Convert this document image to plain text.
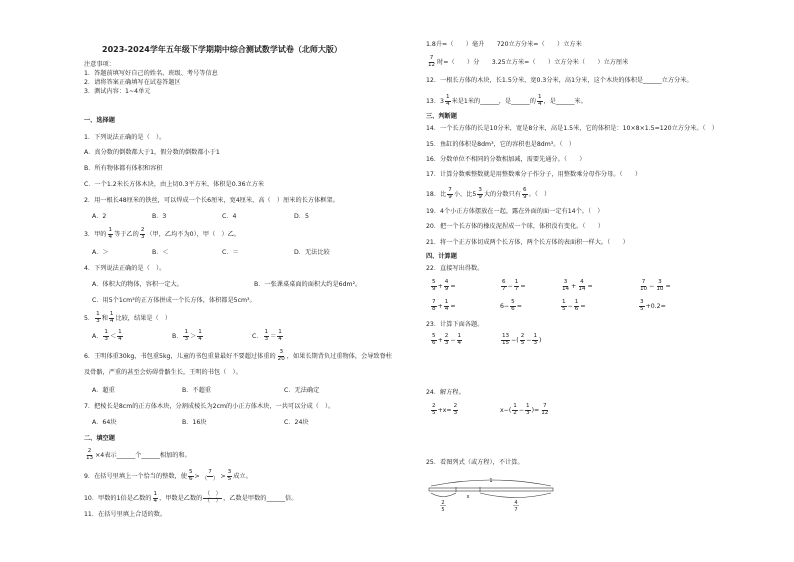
2023-2024学年五年级下学期期中综合测试数学试卷（北师大版）
注意事项：
1．答题前填写好自己的姓名、班级、考号等信息
2．请将答案正确填写在试卷答题区
3．测试内容：1~4单元
一、选择题
1．下列说法正确的是（　）。
A．真分数的倒数都大于1，假分数的倒数都小于1
B．所有物体都有体积和容积
C．一个1.2米长方体木块，由上切0.3平方米，体积是0.36立方米
2．用一根长48厘米的铁丝，可以焊成一个长6厘米，宽4厘米，高（　）厘米的长方体框架。
A．2	B．3	C．4	D．5
3．甲的 $\frac{1}{4}$ 等于乙的 $\frac{2}{3}$ （甲，乙均不为0），甲（　）乙。
A．＞	B．＜	C．＝	D．无法比较
4．下列说法正确的是（　）。
A．体积大的物体，容积一定大。	B．一张课桌桌面的面积大约是6dm²。
C．用5个1cm³的正方体拼成一个长方体，体积都是5cm³。
5． $\frac{1}{3}$ 和 $\frac{1}{4}$ 比较，结果是（　）
A． $\frac{1}{3} < \frac{1}{4}$	B． $\frac{1}{3} > \frac{1}{4}$	C． $\frac{1}{3} = \frac{1}{4}$
6．王明体重30kg，书包重5kg，儿童的书包重量最好不要超过体重的 $\frac{3}{20}$ ，如果长期背负过重物体，会导致脊柱
及骨骼，严重的甚至会妨碍骨骼生长，王明的书包（　）。
A．超重	B．不超重	C．无法确定
7．把棱长是8cm的正方体木块，分割成棱长为2cm的小正方体木块，一共可以分成（　）。
A．64块	B．16块	C．24块
二、填空题
$\frac{2}{13} \times 4$表示______个______相加的和。
9．在括号里填上一个恰当的整数，使 $\frac{5}{6}$ >
7
（　） > $\frac{3}{5}$ 成立。
10．甲数的1倍是乙数的 $\frac{1}{4}$ ，甲数是乙数的
（　）
（　） ，乙数是甲数的______倍。
11．在括号里填上合适的数。
1.8升=（　　）毫升　　720立方分米=（　　）立方米
$\frac{7}{12}$ 时=（　　）分　　3.25立方米=（　　）立方分米（　　）立方厘米
12．一根长方体的木块，长1.5分米，宽0.3分米，高1分米，这个木块的体积是______立方分米。
13．$3 \frac{1}{4}$ 米是1米的______，是______的 $\frac{1}{4}$ ，是______米。
三、判断题
14．一个长方体的长是10分米，宽是8分米，高是1.5米，它的体积是：10×8×1.5=120立方分米。（　）
15．鱼缸的体积是8dm³，它的容积也是8dm³。（　）
16．分数单位不相同的分数相加减，需要先通分。（　　）
17．计算分数乘整数就是用整数乘分子作分子，用整数乘分母作分母。（　　）
18．比 $\frac{7}{9}$ 小，比$5 \frac{3}{9}$ 大的分数只有 $\frac{6}{9}$ 。（　）
19．4个小正方体摆放在一起，露在外面的面一定有14个。（　）
20．把一个长方体的橡皮泥捏成一个球，体积没有变化。（　　）
21．将一个正方体切成两个长方体，两个长方体的表面积一样大。（　　）
四、计算题
22．直接写出得数。
$\frac{5}{9} + \frac{4}{9}$ =	$\frac{6}{7} - \frac{1}{7}$ =	$\frac{3}{14} + \frac{4}{14}$ =	$\frac{7}{10} - \frac{3}{10}$ =
$\frac{7}{8} + \frac{1}{4}$ =	$6- \frac{5}{6}$ =	$\frac{1}{5} - \frac{1}{6}$ =	$\frac{3}{5} +0.2=$
23．计算下面各题。
$\frac{5}{6} + \frac{2}{3} - \frac{1}{4}$	$\frac{13}{15}$ −( $\frac{2}{5} - \frac{1}{3}$ )
24．解方程。
$\frac{2}{5} +x= \frac{2}{3}$	$x-( \frac{1}{2} - \frac{1}{3}$ )= $\frac{7}{12}$
25．看图列式（或方程），不计算。
1
x
2
5
4
7
